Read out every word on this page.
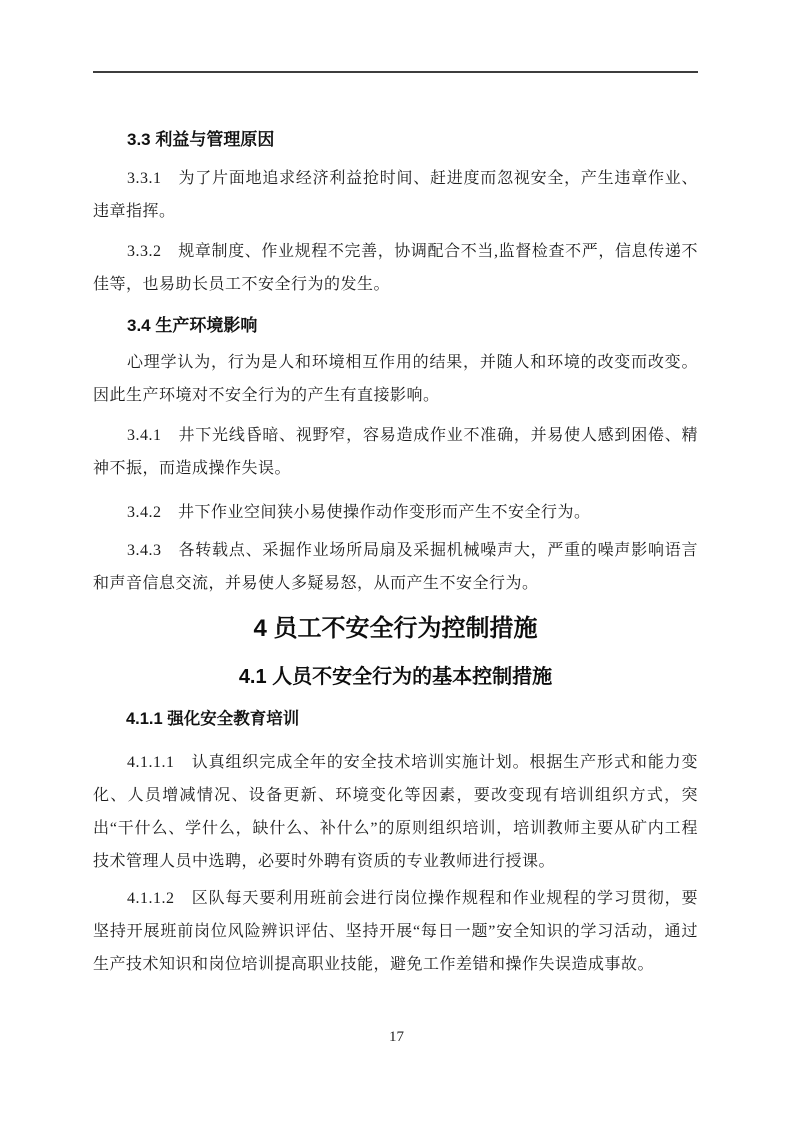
3.3 利益与管理原因

3.3.1　为了片面地追求经济利益抢时间、赶进度而忽视安全，产生违章作业、违章指挥。

3.3.2　规章制度、作业规程不完善，协调配合不当,监督检查不严，信息传递不佳等，也易助长员工不安全行为的发生。

3.4 生产环境影响

心理学认为，行为是人和环境相互作用的结果，并随人和环境的改变而改变。因此生产环境对不安全行为的产生有直接影响。

3.4.1　井下光线昏暗、视野窄，容易造成作业不准确，并易使人感到困倦、精神不振，而造成操作失误。

3.4.2　井下作业空间狭小易使操作动作变形而产生不安全行为。

3.4.3　各转载点、采掘作业场所局扇及采掘机械噪声大，严重的噪声影响语言和声音信息交流，并易使人多疑易怒，从而产生不安全行为。

4 员工不安全行为控制措施
4.1 人员不安全行为的基本控制措施
4.1.1 强化安全教育培训

4.1.1.1　认真组织完成全年的安全技术培训实施计划。根据生产形式和能力变化、人员增减情况、设备更新、环境变化等因素，要改变现有培训组织方式，突出“干什么、学什么，缺什么、补什么”的原则组织培训，培训教师主要从矿内工程技术管理人员中选聘，必要时外聘有资质的专业教师进行授课。

4.1.1.2　区队每天要利用班前会进行岗位操作规程和作业规程的学习贯彻，要坚持开展班前岗位风险辨识评估、坚持开展“每日一题”安全知识的学习活动，通过生产技术知识和岗位培训提高职业技能，避免工作差错和操作失误造成事故。

17
